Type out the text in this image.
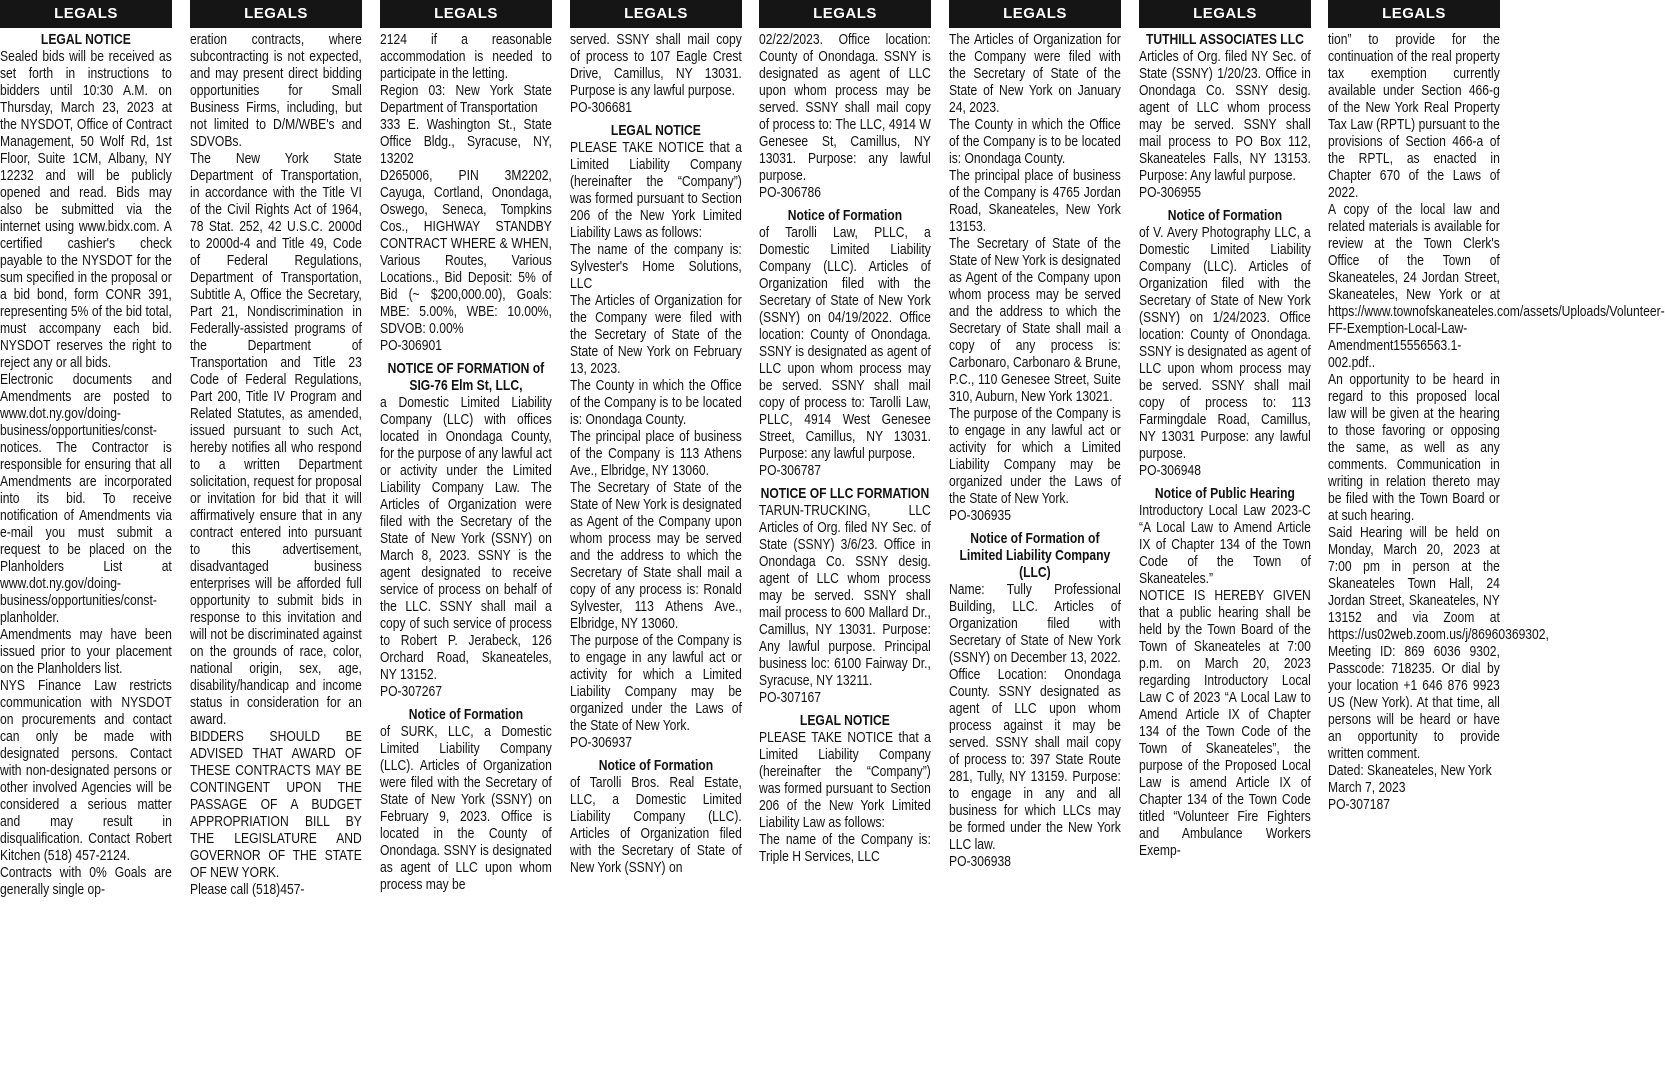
LEGALS

LEGAL NOTICE

Sealed bids will be received as set forth in instructions to bidders until 10:30 A.M. on Thursday, March 23, 2023 at the NYSDOT, Office of Contract Management, 50 Wolf Rd, 1st Floor, Suite 1CM, Albany, NY 12232 and will be publicly opened and read. Bids may also be submitted via the internet using www.bidx.com. A certified cashier's check payable to the NYSDOT for the sum specified in the proposal or a bid bond, form CONR 391, representing 5% of the bid total, must accompany each bid. NYSDOT reserves the right to reject any or all bids.

Electronic documents and Amendments are posted to www.dot.ny.gov/doing-business/opportunities/const-notices. The Contractor is responsible for ensuring that all Amendments are incorporated into its bid. To receive notification of Amendments via e-mail you must submit a request to be placed on the Planholders List at www.dot.ny.gov/doing-business/opportunities/const-planholder.

Amendments may have been issued prior to your placement on the Planholders list.

NYS Finance Law restricts communication with NYSDOT on procurements and contact can only be made with designated persons. Contact with non-designated persons or other involved Agencies will be considered a serious matter and may result in disqualification. Contact Robert Kitchen (518) 457-2124.

Contracts with 0% Goals are generally single op-

LEGALS

eration contracts, where subcontracting is not expected, and may present direct bidding opportunities for Small Business Firms, including, but not limited to D/M/WBE's and SDVOBs.

The New York State Department of Transportation, in accordance with the Title VI of the Civil Rights Act of 1964, 78 Stat. 252, 42 U.S.C. 2000d to 2000d-4 and Title 49, Code of Federal Regulations, Department of Transportation, Subtitle A, Office the Secretary, Part 21, Nondiscrimination in Federally-assisted programs of the Department of Transportation and Title 23 Code of Federal Regulations, Part 200, Title IV Program and Related Statutes, as amended, issued pursuant to such Act, hereby notifies all who respond to a written Department solicitation, request for proposal or invitation for bid that it will affirmatively ensure that in any contract entered into pursuant to this advertisement, disadvantaged business enterprises will be afforded full opportunity to submit bids in response to this invitation and will not be discriminated against on the grounds of race, color, national origin, sex, age, disability/handicap and income status in consideration for an award.

BIDDERS SHOULD BE ADVISED THAT AWARD OF THESE CONTRACTS MAY BE CONTINGENT UPON THE PASSAGE OF A BUDGET APPROPRIATION BILL BY THE LEGISLATURE AND GOVERNOR OF THE STATE OF NEW YORK.

Please call (518)457-

LEGALS

2124 if a reasonable accommodation is needed to participate in the letting.

Region 03: New York State Department of Transportation

333 E. Washington St., State Office Bldg., Syracuse, NY, 13202

D265006, PIN 3M2202, Cayuga, Cortland, Onondaga, Oswego, Seneca, Tompkins Cos., HIGHWAY STANDBY CONTRACT WHERE & WHEN, Various Routes, Various Locations., Bid Deposit: 5% of Bid (~ $200,000.00), Goals: MBE: 5.00%, WBE: 10.00%, SDVOB: 0.00%

PO-306901

NOTICE OF FORMATION of SIG-76 Elm St, LLC,

a Domestic Limited Liability Company (LLC) with offices located in Onondaga County, for the purpose of any lawful act or activity under the Limited Liability Company Law. The Articles of Organization were filed with the Secretary of the State of New York (SSNY) on March 8, 2023. SSNY is the agent designated to receive service of process on behalf of the LLC. SSNY shall mail a copy of such service of process to Robert P. Jerabeck, 126 Orchard Road, Skaneateles, NY 13152.

PO-307267

Notice of Formation

of SURK, LLC, a Domestic Limited Liability Company (LLC). Articles of Organization were filed with the Secretary of State of New York (SSNY) on February 9, 2023. Office is located in the County of Onondaga. SSNY is designated as agent of LLC upon whom process may be

LEGALS

served. SSNY shall mail copy of process to 107 Eagle Crest Drive, Camillus, NY 13031. Purpose is any lawful purpose.

PO-306681

LEGAL NOTICE

PLEASE TAKE NOTICE that a Limited Liability Company (hereinafter the “Company”) was formed pursuant to Section 206 of the New York Limited Liability Laws as follows:

The name of the company is: Sylvester's Home Solutions, LLC

The Articles of Organization for the Company were filed with the Secretary of State of the State of New York on February 13, 2023.

The County in which the Office of the Company is to be located is: Onondaga County.

The principal place of business of the Company is 113 Athens Ave., Elbridge, NY 13060.

The Secretary of State of the State of New York is designated as Agent of the Company upon whom process may be served and the address to which the Secretary of State shall mail a copy of any process is: Ronald Sylvester, 113 Athens Ave., Elbridge, NY 13060.

The purpose of the Company is to engage in any lawful act or activity for which a Limited Liability Company may be organized under the Laws of the State of New York.

PO-306937

Notice of Formation

of Tarolli Bros. Real Estate, LLC, a Domestic Limited Liability Company (LLC). Articles of Organization filed with the Secretary of State of New York (SSNY) on

LEGALS

02/22/2023. Office location: County of Onondaga. SSNY is designated as agent of LLC upon whom process may be served. SSNY shall mail copy of process to: The LLC, 4914 W Genesee St, Camillus, NY 13031. Purpose: any lawful purpose.

PO-306786

Notice of Formation

of Tarolli Law, PLLC, a Domestic Limited Liability Company (LLC). Articles of Organization filed with the Secretary of State of New York (SSNY) on 04/19/2022. Office location: County of Onondaga. SSNY is designated as agent of LLC upon whom process may be served. SSNY shall mail copy of process to: Tarolli Law, PLLC, 4914 West Genesee Street, Camillus, NY 13031. Purpose: any lawful purpose.

PO-306787

NOTICE OF LLC FORMATION

TARUN-TRUCKING, LLC Articles of Org. filed NY Sec. of State (SSNY) 3/6/23. Office in Onondaga Co. SSNY desig. agent of LLC whom process may be served. SSNY shall mail process to 600 Mallard Dr., Camillus, NY 13031. Purpose: Any lawful purpose. Principal business loc: 6100 Fairway Dr., Syracuse, NY 13211.

PO-307167

LEGAL NOTICE

PLEASE TAKE NOTICE that a Limited Liability Company (hereinafter the “Company”) was formed pursuant to Section 206 of the New York Limited Liability Law as follows:

The name of the Company is: Triple H Services, LLC

LEGALS

The Articles of Organization for the Company were filed with the Secretary of State of the State of New York on January 24, 2023.

The County in which the Office of the Company is to be located is: Onondaga County.

The principal place of business of the Company is 4765 Jordan Road, Skaneateles, New York 13153.

The Secretary of State of the State of New York is designated as Agent of the Company upon whom process may be served and the address to which the Secretary of State shall mail a copy of any process is: Carbonaro, Carbonaro & Brune, P.C., 110 Genesee Street, Suite 310, Auburn, New York 13021.

The purpose of the Company is to engage in any lawful act or activity for which a Limited Liability Company may be organized under the Laws of the State of New York.

PO-306935

Notice of Formation of Limited Liability Company (LLC)

Name: Tully Professional Building, LLC. Articles of Organization filed with Secretary of State of New York (SSNY) on December 13, 2022. Office Location: Onondaga County. SSNY designated as agent of LLC upon whom process against it may be served. SSNY shall mail copy of process to: 397 State Route 281, Tully, NY 13159. Purpose: to engage in any and all business for which LLCs may be formed under the New York LLC law.

PO-306938

LEGALS

TUTHILL ASSOCIATES LLC

Articles of Org. filed NY Sec. of State (SSNY) 1/20/23. Office in Onondaga Co. SSNY desig. agent of LLC whom process may be served. SSNY shall mail process to PO Box 112, Skaneateles Falls, NY 13153. Purpose: Any lawful purpose.

PO-306955

Notice of Formation

of V. Avery Photography LLC, a Domestic Limited Liability Company (LLC). Articles of Organization filed with the Secretary of State of New York (SSNY) on 1/24/2023. Office location: County of Onondaga. SSNY is designated as agent of LLC upon whom process may be served. SSNY shall mail copy of process to: 113 Farmingdale Road, Camillus, NY 13031 Purpose: any lawful purpose.

PO-306948

Notice of Public Hearing

Introductory Local Law 2023-C “A Local Law to Amend Article IX of Chapter 134 of the Town Code of the Town of Skaneateles.”

NOTICE IS HEREBY GIVEN that a public hearing shall be held by the Town Board of the Town of Skaneateles at 7:00 p.m. on March 20, 2023 regarding Introductory Local Law C of 2023 “A Local Law to Amend Article IX of Chapter 134 of the Town Code of the Town of Skaneateles”, the purpose of the Proposed Local Law is amend Article IX of Chapter 134 of the Town Code titled “Volunteer Fire Fighters and Ambulance Workers Exemp-

LEGALS

tion” to provide for the continuation of the real property tax exemption currently available under Section 466-g of the New York Real Property Tax Law (RPTL) pursuant to the provisions of Section 466-a of the RPTL, as enacted in Chapter 670 of the Laws of 2022.

A copy of the local law and related materials is available for review at the Town Clerk's Office of the Town of Skaneateles, 24 Jordan Street, Skaneateles, New York or at https://www.townofskaneateles.com/assets/Uploads/Volunteer-FF-Exemption-Local-Law-Amendment15556563.1-002.pdf..

An opportunity to be heard in regard to this proposed local law will be given at the hearing to those favoring or opposing the same, as well as any comments. Communication in writing in relation thereto may be filed with the Town Board or at such hearing.

Said Hearing will be held on Monday, March 20, 2023 at 7:00 pm in person at the Skaneateles Town Hall, 24 Jordan Street, Skaneateles, NY 13152 and via Zoom at https://us02web.zoom.us/j/86960369302, Meeting ID: 869 6036 9302, Passcode: 718235. Or dial by your location +1 646 876 9923 US (New York). At that time, all persons will be heard or have an opportunity to provide written comment.

Dated: Skaneateles, New York

March 7, 2023

PO-307187
